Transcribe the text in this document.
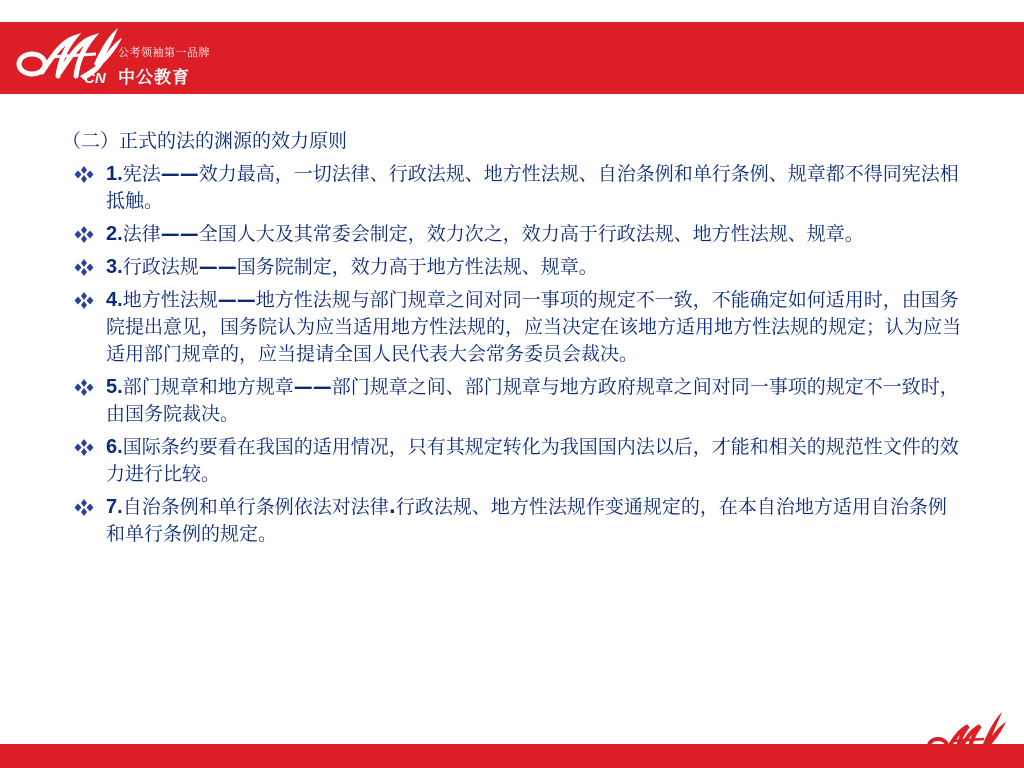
CN
公考领袖第一品牌
中公教育
（二）正式的法的渊源的效力原则
1.宪法——效力最高，一切法律、行政法规、地方性法规、自治条例和单行条例、规章都不得同宪法相抵触。
2.法律——全国人大及其常委会制定，效力次之，效力高于行政法规、地方性法规、规章。
3.行政法规——国务院制定，效力高于地方性法规、规章。
4.地方性法规——地方性法规与部门规章之间对同一事项的规定不一致，不能确定如何适用时，由国务院提出意见，国务院认为应当适用地方性法规的，应当决定在该地方适用地方性法规的规定；认为应当适用部门规章的，应当提请全国人民代表大会常务委员会裁决。
5.部门规章和地方规章——部门规章之间、部门规章与地方政府规章之间对同一事项的规定不一致时，由国务院裁决。
6.国际条约要看在我国的适用情况，只有其规定转化为我国国内法以后，才能和相关的规范性文件的效力进行比较。
7.自治条例和单行条例依法对法律.行政法规、地方性法规作变通规定的，在本自治地方适用自治条例和单行条例的规定。
CN
